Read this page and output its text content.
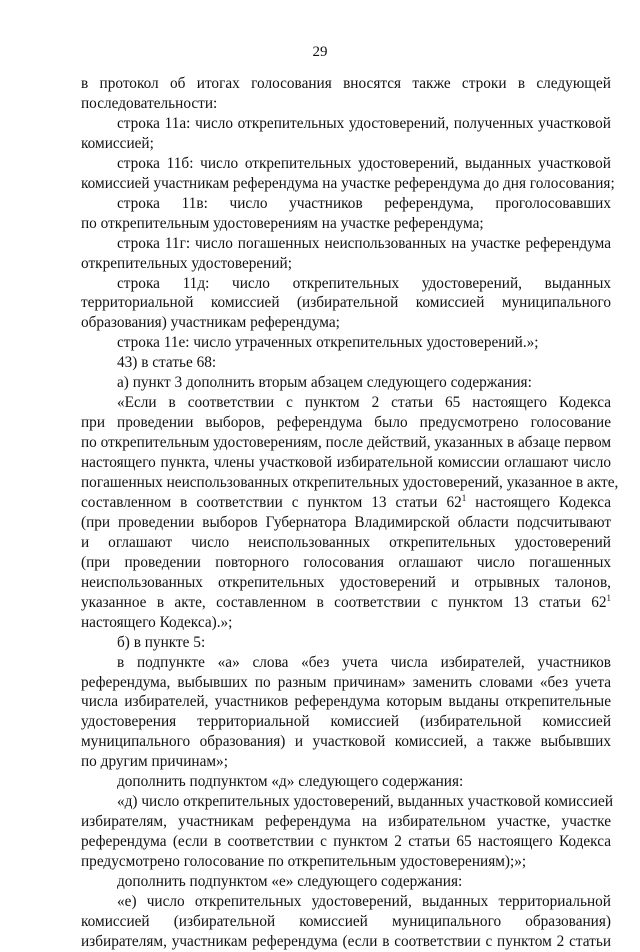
29
в протокол об итогах голосования вносятся также строки в следующей
последовательности:
строка 11а: число открепительных удостоверений, полученных участковой
комиссией;
строка 11б: число открепительных удостоверений, выданных участковой
комиссией участникам референдума на участке референдума до дня голосования;
строка 11в: число участников референдума, проголосовавших
по открепительным удостоверениям на участке референдума;
строка 11г: число погашенных неиспользованных на участке референдума
открепительных удостоверений;
строка 11д: число открепительных удостоверений, выданных
территориальной комиссией (избирательной комиссией муниципального
образования) участникам референдума;
строка 11е: число утраченных открепительных удостоверений.»;
43) в статье 68:
а) пункт 3 дополнить вторым абзацем следующего содержания:
«Если в соответствии с пунктом 2 статьи 65 настоящего Кодекса
при проведении выборов, референдума было предусмотрено голосование
по открепительным удостоверениям, после действий, указанных в абзаце первом
настоящего пункта, члены участковой избирательной комиссии оглашают число
погашенных неиспользованных открепительных удостоверений, указанное в акте,
составленном в соответствии с пунктом 13 статьи $62^1$ настоящего Кодекса
(при проведении выборов Губернатора Владимирской области подсчитывают
и оглашают число неиспользованных открепительных удостоверений
(при проведении повторного голосования оглашают число погашенных
неиспользованных открепительных удостоверений и отрывных талонов,
указанное в акте, составленном в соответствии с пунктом 13 статьи $62^1$
настоящего Кодекса).»;
б) в пункте 5:
в подпункте «а» слова «без учета числа избирателей, участников
референдума, выбывших по разным причинам» заменить словами «без учета
числа избирателей, участников референдума которым выданы открепительные
удостоверения территориальной комиссией (избирательной комиссией
муниципального образования) и участковой комиссией, а также выбывших
по другим причинам»;
дополнить подпунктом «д» следующего содержания:
«д) число открепительных удостоверений, выданных участковой комиссией
избирателям, участникам референдума на избирательном участке, участке
референдума (если в соответствии с пунктом 2 статьи 65 настоящего Кодекса
предусмотрено голосование по открепительным удостоверениям);»;
дополнить подпунктом «е» следующего содержания:
«е) число открепительных удостоверений, выданных территориальной
комиссией (избирательной комиссией муниципального образования)
избирателям, участникам референдума (если в соответствии с пунктом 2 статьи
